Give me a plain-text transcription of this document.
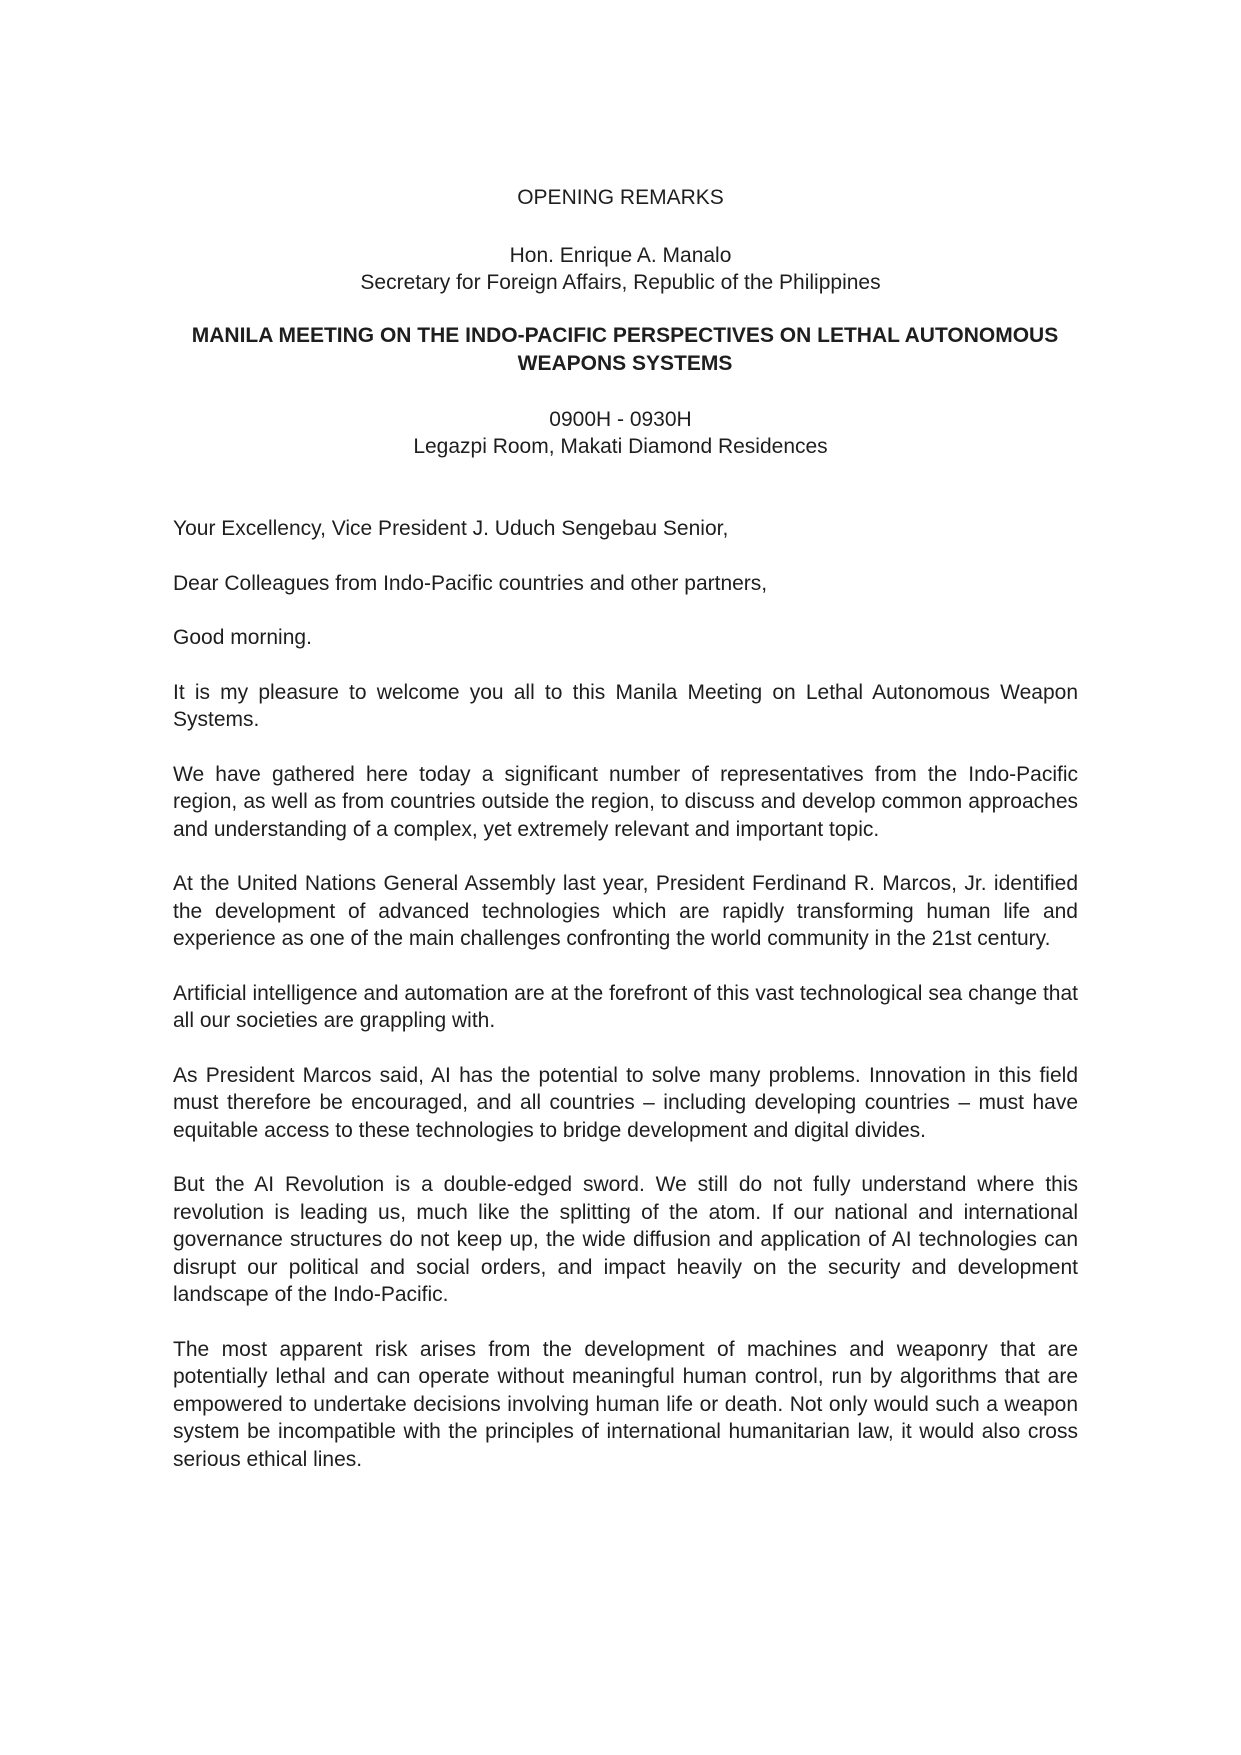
OPENING REMARKS

Hon. Enrique A. Manalo

Secretary for Foreign Affairs, Republic of the Philippines

MANILA MEETING ON THE INDO-PACIFIC PERSPECTIVES ON LETHAL AUTONOMOUS WEAPONS SYSTEMS

0900H - 0930H

Legazpi Room, Makati Diamond Residences

Your Excellency, Vice President J. Uduch Sengebau Senior,

Dear Colleagues from Indo-Pacific countries and other partners,

Good morning.

It is my pleasure to welcome you all to this Manila Meeting on Lethal Autonomous Weapon Systems.

We have gathered here today a significant number of representatives from the Indo-Pacific region, as well as from countries outside the region, to discuss and develop common approaches and understanding of a complex, yet extremely relevant and important topic.

At the United Nations General Assembly last year, President Ferdinand R. Marcos, Jr. identified the development of advanced technologies which are rapidly transforming human life and experience as one of the main challenges confronting the world community in the 21st century.

Artificial intelligence and automation are at the forefront of this vast technological sea change that all our societies are grappling with.

As President Marcos said, AI has the potential to solve many problems. Innovation in this field must therefore be encouraged, and all countries – including developing countries – must have equitable access to these technologies to bridge development and digital divides.

But the AI Revolution is a double-edged sword. We still do not fully understand where this revolution is leading us, much like the splitting of the atom. If our national and international governance structures do not keep up, the wide diffusion and application of AI technologies can disrupt our political and social orders, and impact heavily on the security and development landscape of the Indo-Pacific.

The most apparent risk arises from the development of machines and weaponry that are potentially lethal and can operate without meaningful human control, run by algorithms that are empowered to undertake decisions involving human life or death. Not only would such a weapon system be incompatible with the principles of international humanitarian law, it would also cross serious ethical lines.
